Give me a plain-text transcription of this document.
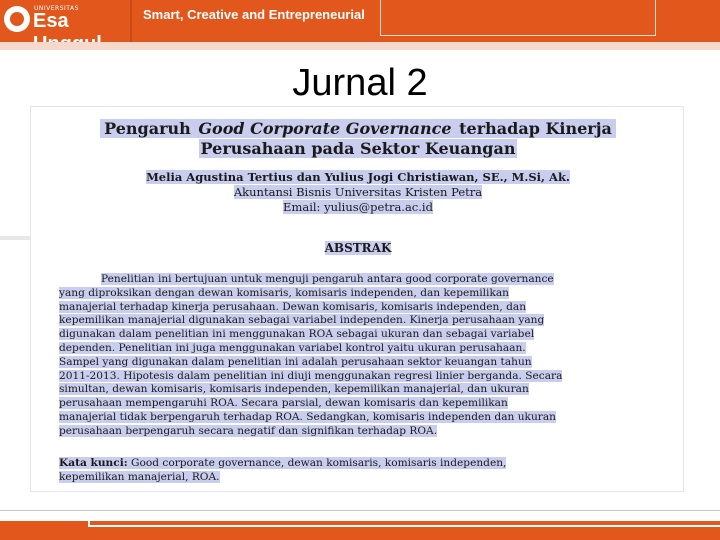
UNIVERSITAS
Esa	Smart, Creative and Entrepreneurial
Jurnal 2
Pengaruh Good Corporate Governance terhadap Kinerja
Perusahaan pada Sektor Keuangan
Melia Agustina Tertius dan Yulius Jogi Christiawan, SE., M.Si, Ak.
Akuntansi Bisnis Universitas Kristen Petra
Email: yulius@petra.ac.id
ABSTRAK
Penelitian ini bertujuan untuk menguji pengaruh antara good corporate governance
yang diproksikan dengan dewan komisaris, komisaris independen, dan kepemilikan
manajerial terhadap kinerja perusahaan. Dewan komisaris, komisaris independen, dan
kepemilikan manajerial digunakan sebagai variabel independen. Kinerja perusahaan yang
digunakan dalam penelitian ini menggunakan ROA sebagai ukuran dan sebagai variabel
dependen. Penelitian ini juga menggunakan variabel kontrol yaitu ukuran perusahaan.
Sampel yang digunakan dalam penelitian ini adalah perusahaan sektor keuangan tahun
2011-2013. Hipotesis dalam penelitian ini diuji menggunakan regresi linier berganda. Secara
simultan, dewan komisaris, komisaris independen, kepemilikan manajerial, dan ukuran
perusahaan mempengaruhi ROA. Secara parsial, dewan komisaris dan kepemilikan
manajerial tidak berpengaruh terhadap ROA. Sedangkan, komisaris independen dan ukuran
perusahaan berpengaruh secara negatif dan signifikan terhadap ROA.
Kata kunci: Good corporate governance, dewan komisaris, komisaris independen,
kepemilikan manajerial, ROA.
